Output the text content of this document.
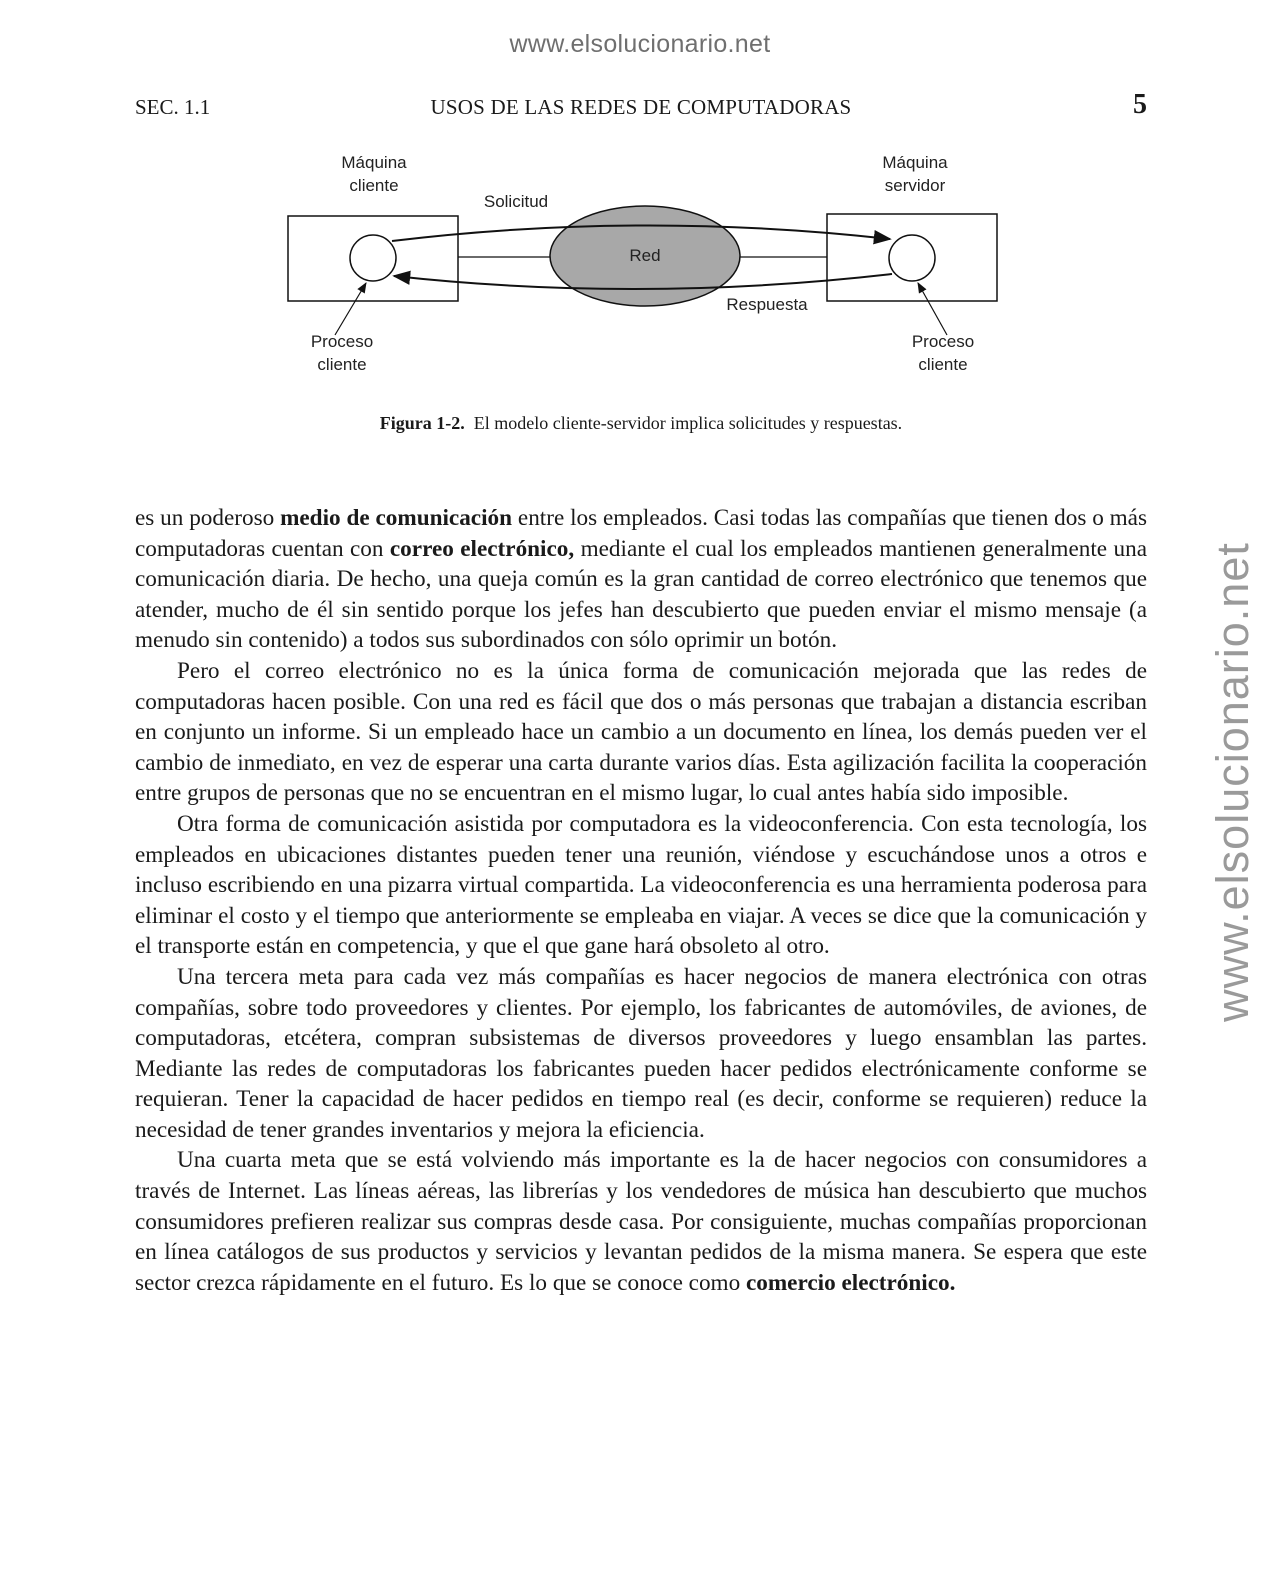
www.elsolucionario.net
www.elsolucionario.net
SEC. 1.1	USOS DE LAS REDES DE COMPUTADORAS	5
Máquina
cliente
Máquina
servidor
Solicitud
Red
Respuesta
Proceso
cliente
Proceso
cliente
Figura 1-2. El modelo cliente-servidor implica solicitudes y respuestas.

es un poderoso medio de comunicación entre los empleados. Casi todas las compañías que tienen dos o más computadoras cuentan con correo electrónico, mediante el cual los empleados mantienen generalmente una comunicación diaria. De hecho, una queja común es la gran cantidad de correo electrónico que tenemos que atender, mucho de él sin sentido porque los jefes han descubierto que pueden enviar el mismo mensaje (a menudo sin contenido) a todos sus subordinados con sólo oprimir un botón.

Pero el correo electrónico no es la única forma de comunicación mejorada que las redes de computadoras hacen posible. Con una red es fácil que dos o más personas que trabajan a distancia escriban en conjunto un informe. Si un empleado hace un cambio a un documento en línea, los demás pueden ver el cambio de inmediato, en vez de esperar una carta durante varios días. Esta agilización facilita la cooperación entre grupos de personas que no se encuentran en el mismo lugar, lo cual antes había sido imposible.

Otra forma de comunicación asistida por computadora es la videoconferencia. Con esta tecnología, los empleados en ubicaciones distantes pueden tener una reunión, viéndose y escuchándose unos a otros e incluso escribiendo en una pizarra virtual compartida. La videoconferencia es una herramienta poderosa para eliminar el costo y el tiempo que anteriormente se empleaba en viajar. A veces se dice que la comunicación y el transporte están en competencia, y que el que gane hará obsoleto al otro.

Una tercera meta para cada vez más compañías es hacer negocios de manera electrónica con otras compañías, sobre todo proveedores y clientes. Por ejemplo, los fabricantes de automóviles, de aviones, de computadoras, etcétera, compran subsistemas de diversos proveedores y luego ensamblan las partes. Mediante las redes de computadoras los fabricantes pueden hacer pedidos electrónicamente conforme se requieran. Tener la capacidad de hacer pedidos en tiempo real (es decir, conforme se requieren) reduce la necesidad de tener grandes inventarios y mejora la eficiencia.

Una cuarta meta que se está volviendo más importante es la de hacer negocios con consumidores a través de Internet. Las líneas aéreas, las librerías y los vendedores de música han descubierto que muchos consumidores prefieren realizar sus compras desde casa. Por consiguiente, muchas compañías proporcionan en línea catálogos de sus productos y servicios y levantan pedidos de la misma manera. Se espera que este sector crezca rápidamente en el futuro. Es lo que se conoce como comercio electrónico.
